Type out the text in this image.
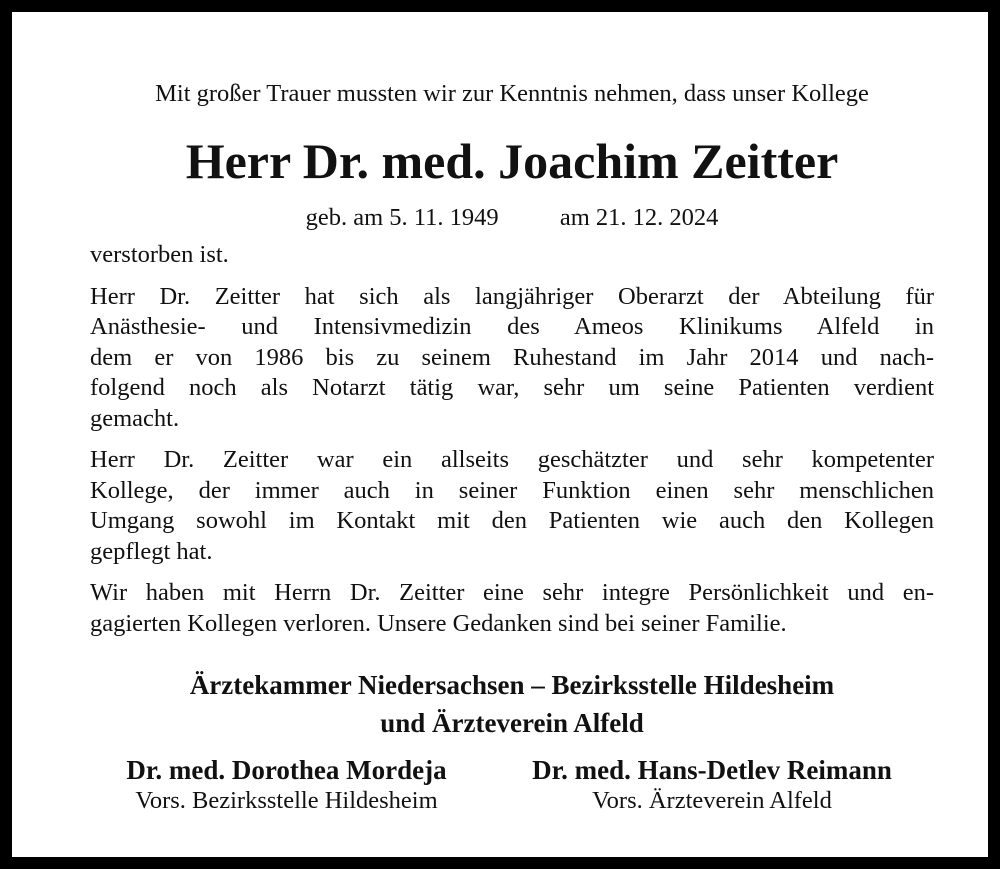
Mit großer Trauer mussten wir zur Kenntnis nehmen, dass unser Kollege
Herr Dr. med. Joachim Zeitter
geb. am 5. 11. 1949	am 21. 12. 2024
verstorben ist.
Herr Dr. Zeitter hat sich als langjähriger Oberarzt der Abteilung für
Anästhesie- und Intensivmedizin des Ameos Klinikums Alfeld in
dem er von 1986 bis zu seinem Ruhestand im Jahr 2014 und nach-
folgend noch als Notarzt tätig war, sehr um seine Patienten verdient
gemacht.
Herr Dr. Zeitter war ein allseits geschätzter und sehr kompetenter
Kollege, der immer auch in seiner Funktion einen sehr menschlichen
Umgang sowohl im Kontakt mit den Patienten wie auch den Kollegen
gepflegt hat.
Wir haben mit Herrn Dr. Zeitter eine sehr integre Persönlichkeit und en-
gagierten Kollegen verloren. Unsere Gedanken sind bei seiner Familie.
Ärztekammer Niedersachsen – Bezirksstelle Hildesheim
und Ärzteverein Alfeld
Dr. med. Dorothea Mordeja
Vors. Bezirksstelle Hildesheim
Dr. med. Hans-Detlev Reimann
Vors. Ärzteverein Alfeld
